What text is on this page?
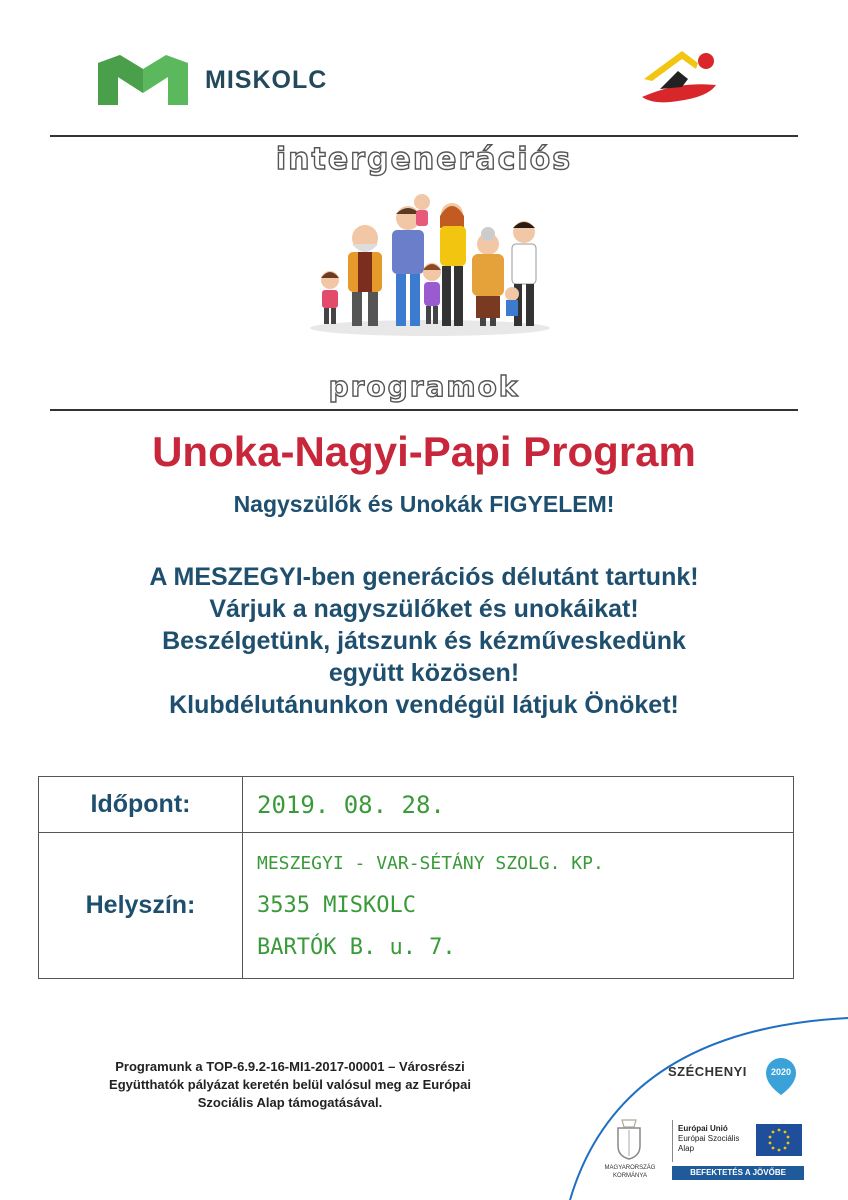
MISKOLC
intergenerációs
programok
Unoka-Nagyi-Papi Program
Nagyszülők és Unokák FIGYELEM!
A MESZEGYI-ben generációs délutánt tartunk!
Várjuk a nagyszülőket és unokáikat!
Beszélgetünk, játszunk és kézműveskedünk
együtt közösen!
Klubdélutánunkon vendégül látjuk Önöket!
Időpont:	2019. 08. 28.
Helyszín:	MESZEGYI - VAR-SÉTÁNY SZOLG. KP.
3535 MISKOLC
BARTÓK B. u. 7.
Programunk a TOP-6.9.2-16-MI1-2017-00001 – Városrészi
Együtthatók pályázat keretén belül valósul meg az Európai
Szociális Alap támogatásával.
SZÉCHENYI	2020
MAGYARORSZÁG
KORMÁNYA
Európai Unió
Európai Szociális
Alap
BEFEKTETÉS A JÖVŐBE
